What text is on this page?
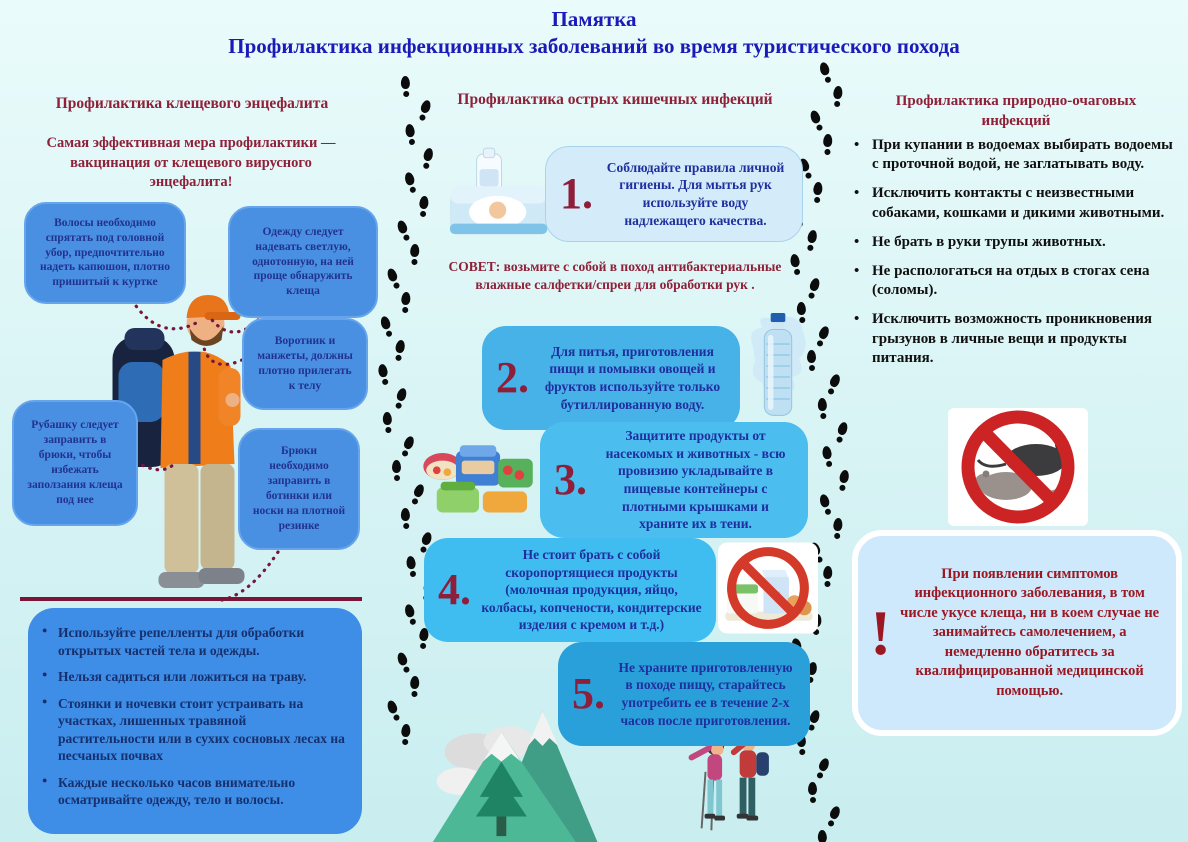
Памятка
Профилактика инфекционных заболеваний во время туристического похода
Профилактика клещевого энцефалита
Самая эффективная мера профилактики — вакцинация от клещевого вирусного энцефалита!
Волосы необходимо спрятать под головной убор, предпочтительно надеть капюшон, плотно пришитый к куртке
Одежду следует надевать светлую, однотонную, на ней проще обнаружить клеща
Воротник и манжеты, должны плотно прилегать к телу
Рубашку следует заправить в брюки, чтобы избежать заползания клеща под нее
Брюки необходимо заправить в ботинки или носки на плотной резинке
● Используйте репелленты для обработки открытых частей тела и одежды.
● Нельзя садиться или ложиться на траву.
● Стоянки и ночевки стоит устраивать на участках, лишенных травяной растительности или в сухих сосновых лесах на песчаных почвах
● Каждые несколько часов внимательно осматривайте одежду, тело и волосы.
Профилактика острых кишечных инфекций
1.
Соблюдайте правила личной гигиены. Для мытья рук используйте воду надлежащего качества.
СОВЕТ: возьмите с собой в поход антибактериальные влажные салфетки/спреи для обработки рук .
2.
Для питья, приготовления пищи и помывки овощей и фруктов используйте только бутиллированную воду.
3.
Защитите продукты от насекомых и животных - всю провизию укладывайте в пищевые контейнеры с плотными крышками и храните их в тени.
4.
Не стоит брать с собой скоропортящиеся продукты (молочная продукция, яйцо, колбасы, копчености, кондитерские изделия с кремом и т.д.)
5.
Не храните приготовленную в походе пищу, старайтесь употребить ее в течение 2-х часов после приготовления.
Профилактика природно-очаговых инфекций
• При купании в водоемах выбирать водоемы с проточной водой, не заглатывать воду.
• Исключить контакты с неизвестными собаками, кошками и дикими животными.
• Не брать в руки трупы животных.
• Не распологаться на отдых в стогах сена (соломы).
• Исключить возможность проникновения грызунов в личные вещи и продукты питания.
!
При появлении симптомов инфекционного заболевания, в том числе укусе клеща, ни в коем случае не занимайтесь самолечением, а немедленно обратитесь за квалифицированной медицинской помощью.
